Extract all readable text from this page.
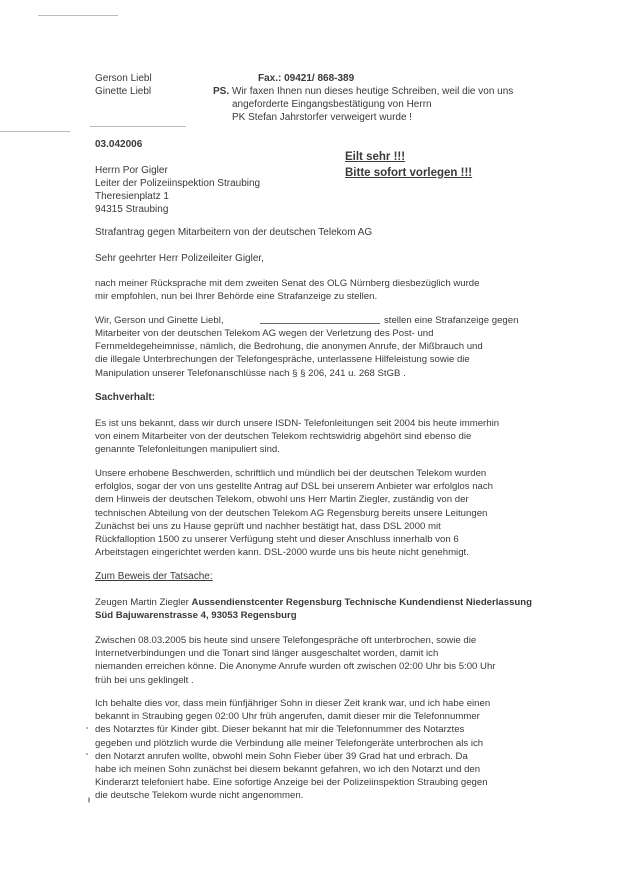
Gerson Liebl
Ginette Liebl
Fax.: 09421/ 868-389
PS. Wir faxen Ihnen nun dieses heutige Schreiben, weil die von uns
angeforderte Eingangsbestätigung von Herrn
PK Stefan Jahrstorfer verweigert wurde !
03.042006
Herrn Por Gigler
Leiter der Polizeiinspektion Straubing
Theresienplatz 1
94315 Straubing
Eilt sehr !!!
Bitte sofort vorlegen !!!
Strafantrag gegen Mitarbeitern von der deutschen Telekom AG
Sehr geehrter Herr Polizeileiter Gigler,
nach meiner Rücksprache mit dem zweiten Senat des OLG Nürnberg diesbezüglich wurde
mir empfohlen, nun bei Ihrer Behörde eine Strafanzeige zu stellen.
Wir, Gerson und Ginette Liebl,	stellen eine Strafanzeige gegen
Mitarbeiter von der deutschen Telekom AG wegen der Verletzung des Post- und
Fernmeldegeheimnisse, nämlich, die Bedrohung, die anonymen Anrufe, der Mißbrauch und
die illegale Unterbrechungen der Telefongespräche, unterlassene Hilfeleistung sowie die
Manipulation unserer Telefonanschlüsse nach § § 206, 241 u. 268 StGB .
Sachverhalt:
Es ist uns bekannt, dass wir durch unsere ISDN- Telefonleitungen seit 2004 bis heute immerhin
von einem Mitarbeiter von der deutschen Telekom rechtswidrig abgehört sind ebenso die
genannte Telefonleitungen manipuliert sind.
Unsere erhobene Beschwerden, schriftlich und mündlich bei der deutschen Telekom wurden
erfolglos, sogar der von uns gestellte Antrag auf DSL bei unserem Anbieter war erfolglos nach
dem Hinweis der deutschen Telekom, obwohl uns Herr Martin Ziegler, zuständig von der
technischen Abteilung von der deutschen Telekom AG Regensburg bereits unsere Leitungen
Zunächst bei uns zu Hause geprüft und nachher bestätigt hat, dass DSL 2000 mit
Rückfalloption 1500 zu unserer Verfügung steht und dieser Anschluss innerhalb von 6
Arbeitstagen eingerichtet werden kann. DSL-2000 wurde uns bis heute nicht genehmigt.
Zum Beweis der Tatsache:
Zeugen Martin Ziegler Aussendienstcenter Regensburg Technische Kundendienst Niederlassung
Süd Bajuwarenstrasse 4, 93053 Regensburg
Zwischen 08.03.2005 bis heute sind unsere Telefongespräche oft unterbrochen, sowie die
Internetverbindungen und die Tonart sind länger ausgeschaltet worden, damit ich
niemanden erreichen könne. Die Anonyme Anrufe wurden oft zwischen 02:00 Uhr bis 5:00 Uhr
früh bei uns geklingelt .
Ich behalte dies vor, dass mein fünfjähriger Sohn in dieser Zeit krank war, und ich habe einen
bekannt in Straubing gegen 02:00 Uhr früh angerufen, damit dieser mir die Telefonnummer
des Notarztes für Kinder gibt. Dieser bekannt hat mir die Telefonnummer des Notarztes
gegeben und plötzlich wurde die Verbindung alle meiner Telefongeräte unterbrochen als ich
den Notarzt anrufen wollte, obwohl mein Sohn Fieber über 39 Grad hat und erbrach. Da
habe ich meinen Sohn zunächst bei diesem bekannt gefahren, wo ich den Notarzt und den
Kinderarzt telefoniert habe. Eine sofortige Anzeige bei der Polizeiinspektion Straubing gegen
die deutsche Telekom wurde nicht angenommen.
